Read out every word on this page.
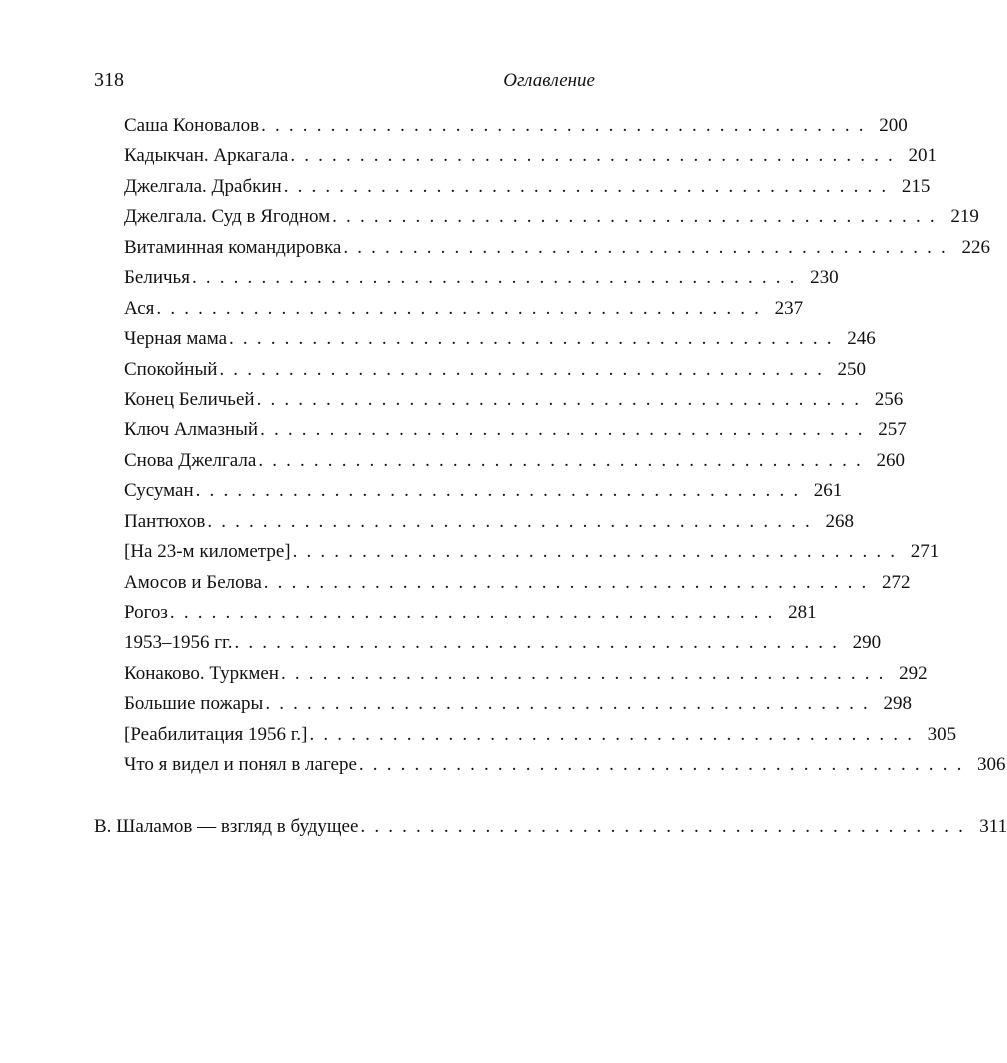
318	Оглавление
Саша Коновалов . . . . . . . . . . . . . . . . . . . . . . . . . . . . . . . . . . . . . . . . . . . . 200
Кадыкчан. Аркагала . . . . . . . . . . . . . . . . . . . . . . . . . . . . . . . . . . . . . . . . . . . . 201
Джелгала. Драбкин . . . . . . . . . . . . . . . . . . . . . . . . . . . . . . . . . . . . . . . . . . . . 215
Джелгала. Суд в Ягодном . . . . . . . . . . . . . . . . . . . . . . . . . . . . . . . . . . . . . . . . . . . . 219
Витаминная командировка . . . . . . . . . . . . . . . . . . . . . . . . . . . . . . . . . . . . . . . . . . . . 226
Беличья . . . . . . . . . . . . . . . . . . . . . . . . . . . . . . . . . . . . . . . . . . . . 230
Ася . . . . . . . . . . . . . . . . . . . . . . . . . . . . . . . . . . . . . . . . . . . . 237
Черная мама . . . . . . . . . . . . . . . . . . . . . . . . . . . . . . . . . . . . . . . . . . . . 246
Спокойный . . . . . . . . . . . . . . . . . . . . . . . . . . . . . . . . . . . . . . . . . . . . 250
Конец Беличьей . . . . . . . . . . . . . . . . . . . . . . . . . . . . . . . . . . . . . . . . . . . . 256
Ключ Алмазный . . . . . . . . . . . . . . . . . . . . . . . . . . . . . . . . . . . . . . . . . . . . 257
Снова Джелгала . . . . . . . . . . . . . . . . . . . . . . . . . . . . . . . . . . . . . . . . . . . . 260
Сусуман . . . . . . . . . . . . . . . . . . . . . . . . . . . . . . . . . . . . . . . . . . . . 261
Пантюхов . . . . . . . . . . . . . . . . . . . . . . . . . . . . . . . . . . . . . . . . . . . . 268
[На 23-м километре] . . . . . . . . . . . . . . . . . . . . . . . . . . . . . . . . . . . . . . . . . . . . 271
Амосов и Белова . . . . . . . . . . . . . . . . . . . . . . . . . . . . . . . . . . . . . . . . . . . . 272
Рогоз . . . . . . . . . . . . . . . . . . . . . . . . . . . . . . . . . . . . . . . . . . . . 281
1953–1956 гг. . . . . . . . . . . . . . . . . . . . . . . . . . . . . . . . . . . . . . . . . . . . . 290
Конаково. Туркмен . . . . . . . . . . . . . . . . . . . . . . . . . . . . . . . . . . . . . . . . . . . . 292
Большие пожары . . . . . . . . . . . . . . . . . . . . . . . . . . . . . . . . . . . . . . . . . . . . 298
[Реабилитация 1956 г.] . . . . . . . . . . . . . . . . . . . . . . . . . . . . . . . . . . . . . . . . . . . . 305
Что я видел и понял в лагере . . . . . . . . . . . . . . . . . . . . . . . . . . . . . . . . . . . . . . . . . . . . 306
В. Шаламов — взгляд в будущее . . . . . . . . . . . . . . . . . . . . . . . . . . . . . . . . . . . . . . . . . . . . 311
